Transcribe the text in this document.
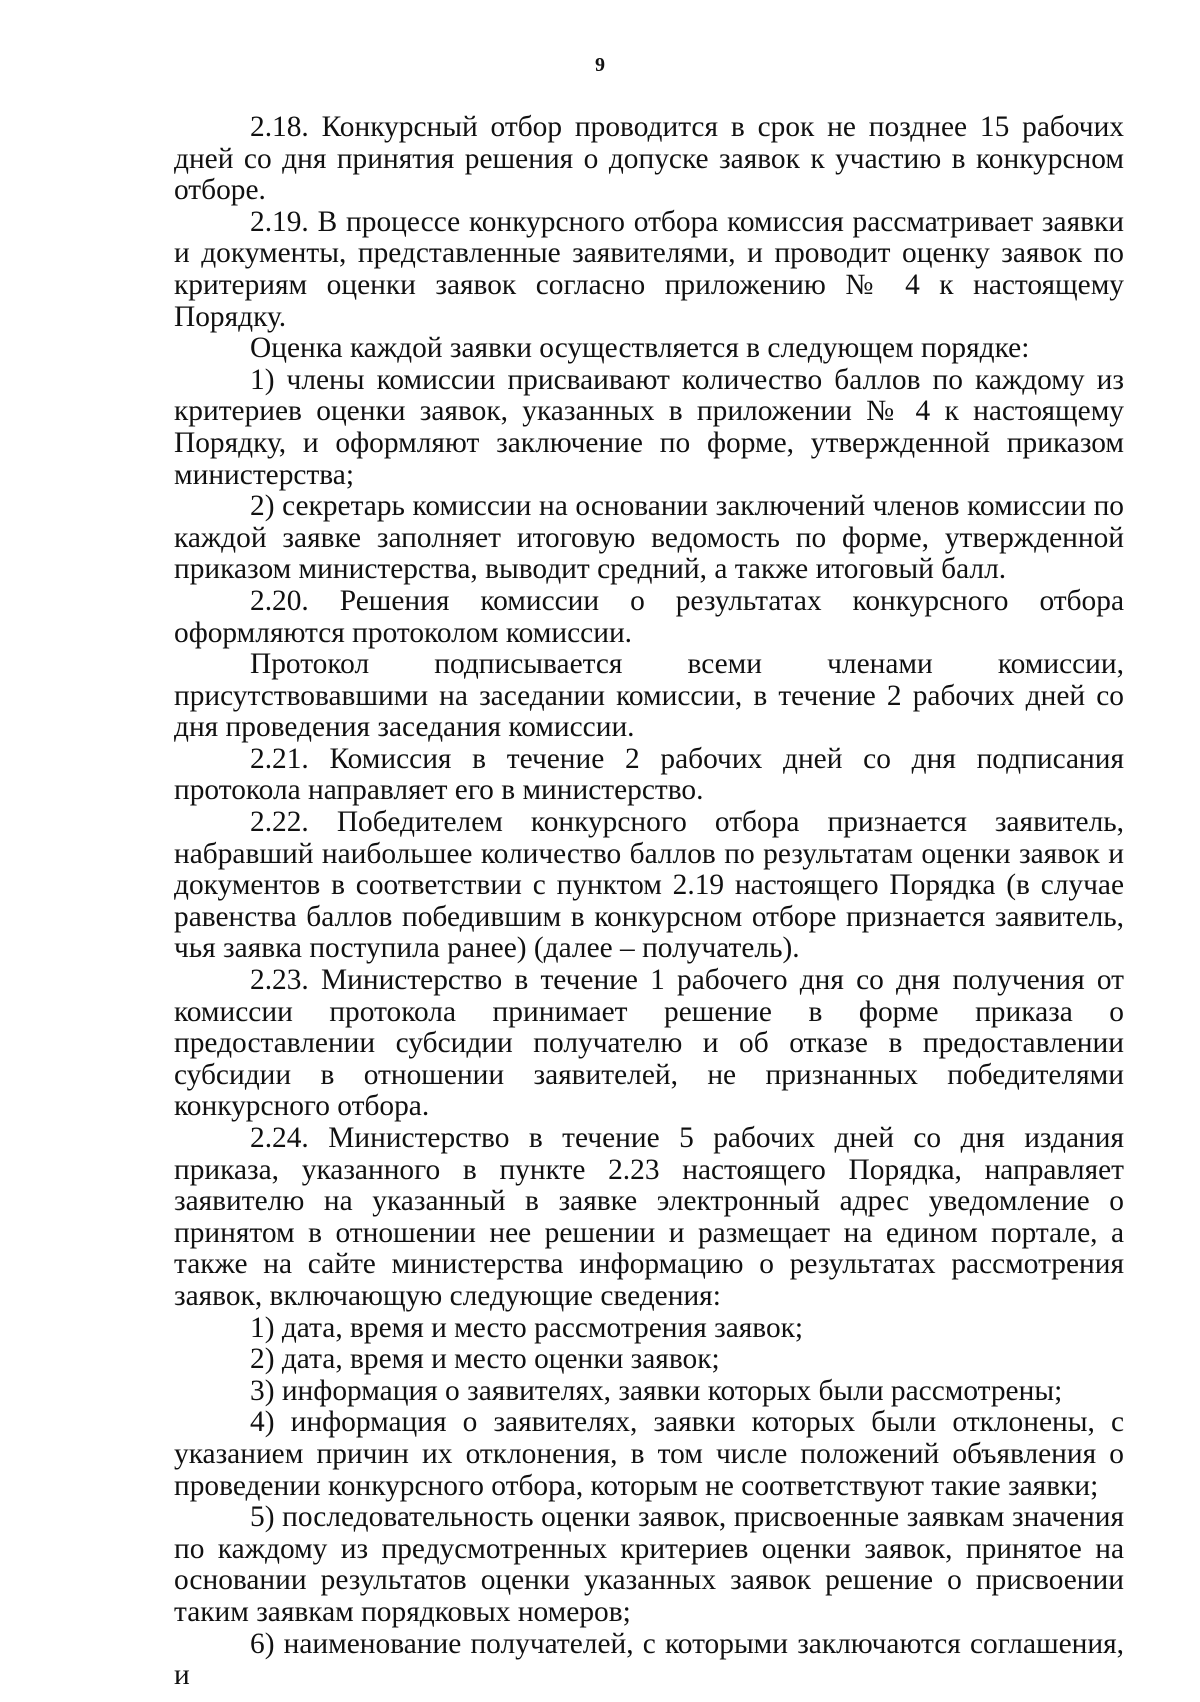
9

2.18. Конкурсный отбор проводится в срок не позднее 15 рабочих дней со дня принятия решения о допуске заявок к участию в конкурсном отборе.

2.19. В процессе конкурсного отбора комиссия рассматривает заявки и документы, представленные заявителями, и проводит оценку заявок по критериям оценки заявок согласно приложению № 4 к настоящему Порядку.

Оценка каждой заявки осуществляется в следующем порядке:

1) члены комиссии присваивают количество баллов по каждому из критериев оценки заявок, указанных в приложении № 4 к настоящему Порядку, и оформляют заключение по форме, утвержденной приказом министерства;

2) секретарь комиссии на основании заключений членов комиссии по каждой заявке заполняет итоговую ведомость по форме, утвержденной приказом министерства, выводит средний, а также итоговый балл.

2.20. Решения комиссии о результатах конкурсного отбора оформляются протоколом комиссии.

Протокол подписывается всеми членами комиссии, присутствовавшими на заседании комиссии, в течение 2 рабочих дней со дня проведения заседания комиссии.

2.21. Комиссия в течение 2 рабочих дней со дня подписания протокола направляет его в министерство.

2.22. Победителем конкурсного отбора признается заявитель, набравший наибольшее количество баллов по результатам оценки заявок и документов в соответствии с пунктом 2.19 настоящего Порядка (в случае равенства баллов победившим в конкурсном отборе признается заявитель, чья заявка поступила ранее) (далее – получатель).

2.23. Министерство в течение 1 рабочего дня со дня получения от комиссии протокола принимает решение в форме приказа о предоставлении субсидии получателю и об отказе в предоставлении субсидии в отношении заявителей, не признанных победителями конкурсного отбора.

2.24. Министерство в течение 5 рабочих дней со дня издания приказа, указанного в пункте 2.23 настоящего Порядка, направляет заявителю на указанный в заявке электронный адрес уведомление о принятом в отношении нее решении и размещает на едином портале, а также на сайте министерства информацию о результатах рассмотрения заявок, включающую следующие сведения:

1) дата, время и место рассмотрения заявок;

2) дата, время и место оценки заявок;

3) информация о заявителях, заявки которых были рассмотрены;

4) информация о заявителях, заявки которых были отклонены, с указанием причин их отклонения, в том числе положений объявления о проведении конкурсного отбора, которым не соответствуют такие заявки;

5) последовательность оценки заявок, присвоенные заявкам значения по каждому из предусмотренных критериев оценки заявок, принятое на основании результатов оценки указанных заявок решение о присвоении таким заявкам порядковых номеров;

6) наименование получателей, с которыми заключаются соглашения, и
